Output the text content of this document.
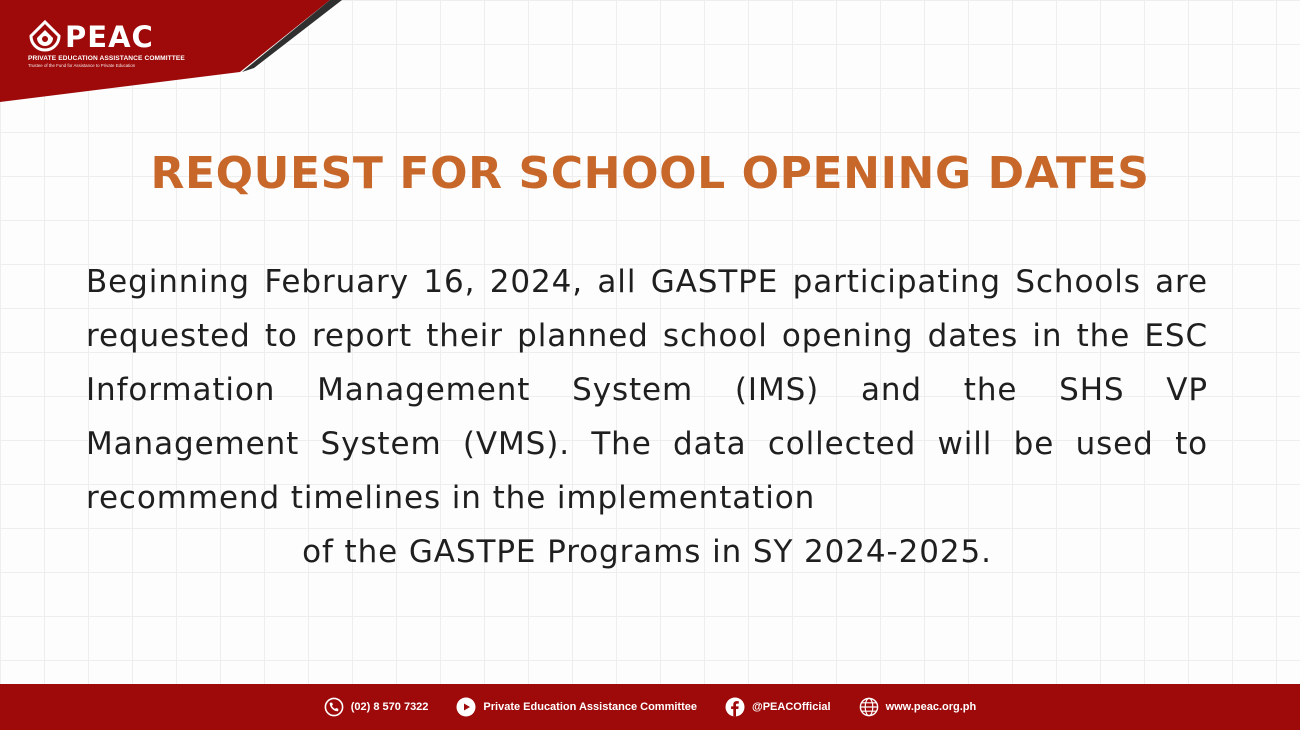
PEAC
PRIVATE EDUCATION ASSISTANCE COMMITTEE
Trustee of the Fund for Assistance to Private Education
REQUEST FOR SCHOOL OPENING DATES

Beginning February 16, 2024, all GASTPE participating Schools are requested to report their planned school opening dates in the ESC Information Management System (IMS) and the SHS VP Management System (VMS). The data collected will be used to recommend timelines in the implementation
of the GASTPE Programs in SY 2024-2025.

(02) 8 570 7322	Private Education Assistance Committee	@PEACOfficial	www.peac.org.ph
